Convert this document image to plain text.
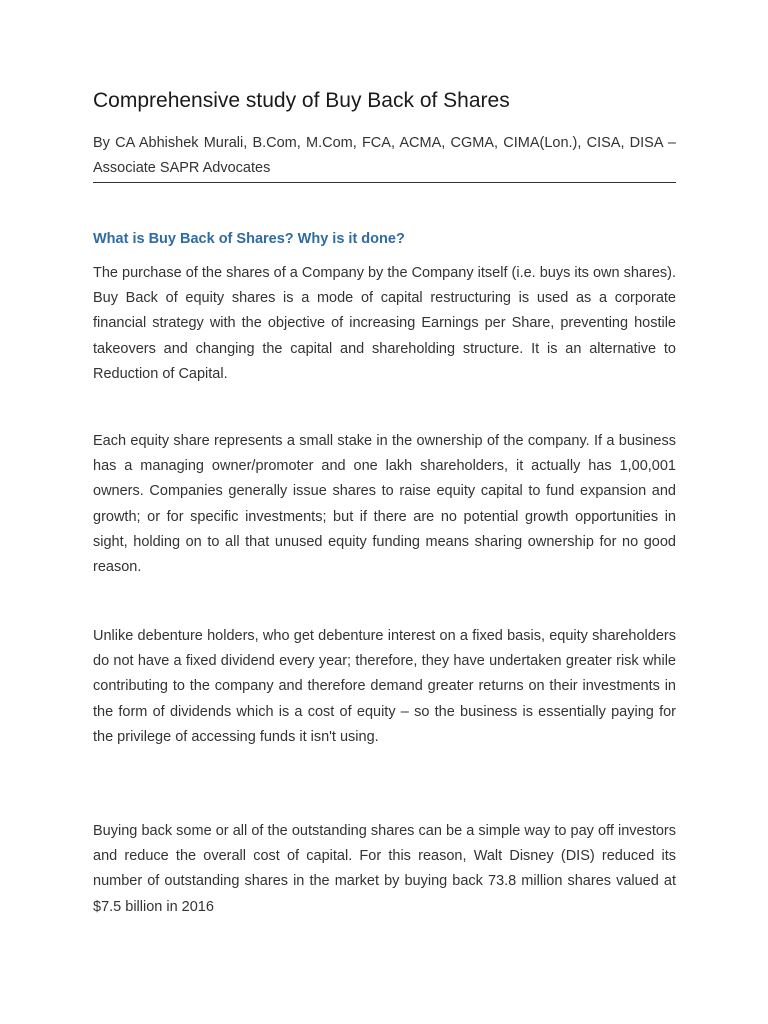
Comprehensive study of Buy Back of Shares

By CA Abhishek Murali, B.Com, M.Com, FCA, ACMA, CGMA, CIMA(Lon.), CISA, DISA – Associate SAPR Advocates

What is Buy Back of Shares? Why is it done?

The purchase of the shares of a Company by the Company itself (i.e. buys its own shares). Buy Back of equity shares is a mode of capital restructuring is used as a corporate financial strategy with the objective of increasing Earnings per Share, preventing hostile takeovers and changing the capital and shareholding structure. It is an alternative to Reduction of Capital.

Each equity share represents a small stake in the ownership of the company. If a business has a managing owner/promoter and one lakh shareholders, it actually has 1,00,001 owners. Companies generally issue shares to raise equity capital to fund expansion and growth; or for specific investments; but if there are no potential growth opportunities in sight, holding on to all that unused equity funding means sharing ownership for no good reason.

Unlike debenture holders, who get debenture interest on a fixed basis, equity shareholders do not have a fixed dividend every year; therefore, they have undertaken greater risk while contributing to the company and therefore demand greater returns on their investments in the form of dividends which is a cost of equity – so the business is essentially paying for the privilege of accessing funds it isn't using.

Buying back some or all of the outstanding shares can be a simple way to pay off investors and reduce the overall cost of capital. For this reason, Walt Disney (DIS) reduced its number of outstanding shares in the market by buying back 73.8 million shares valued at $7.5 billion in 2016
